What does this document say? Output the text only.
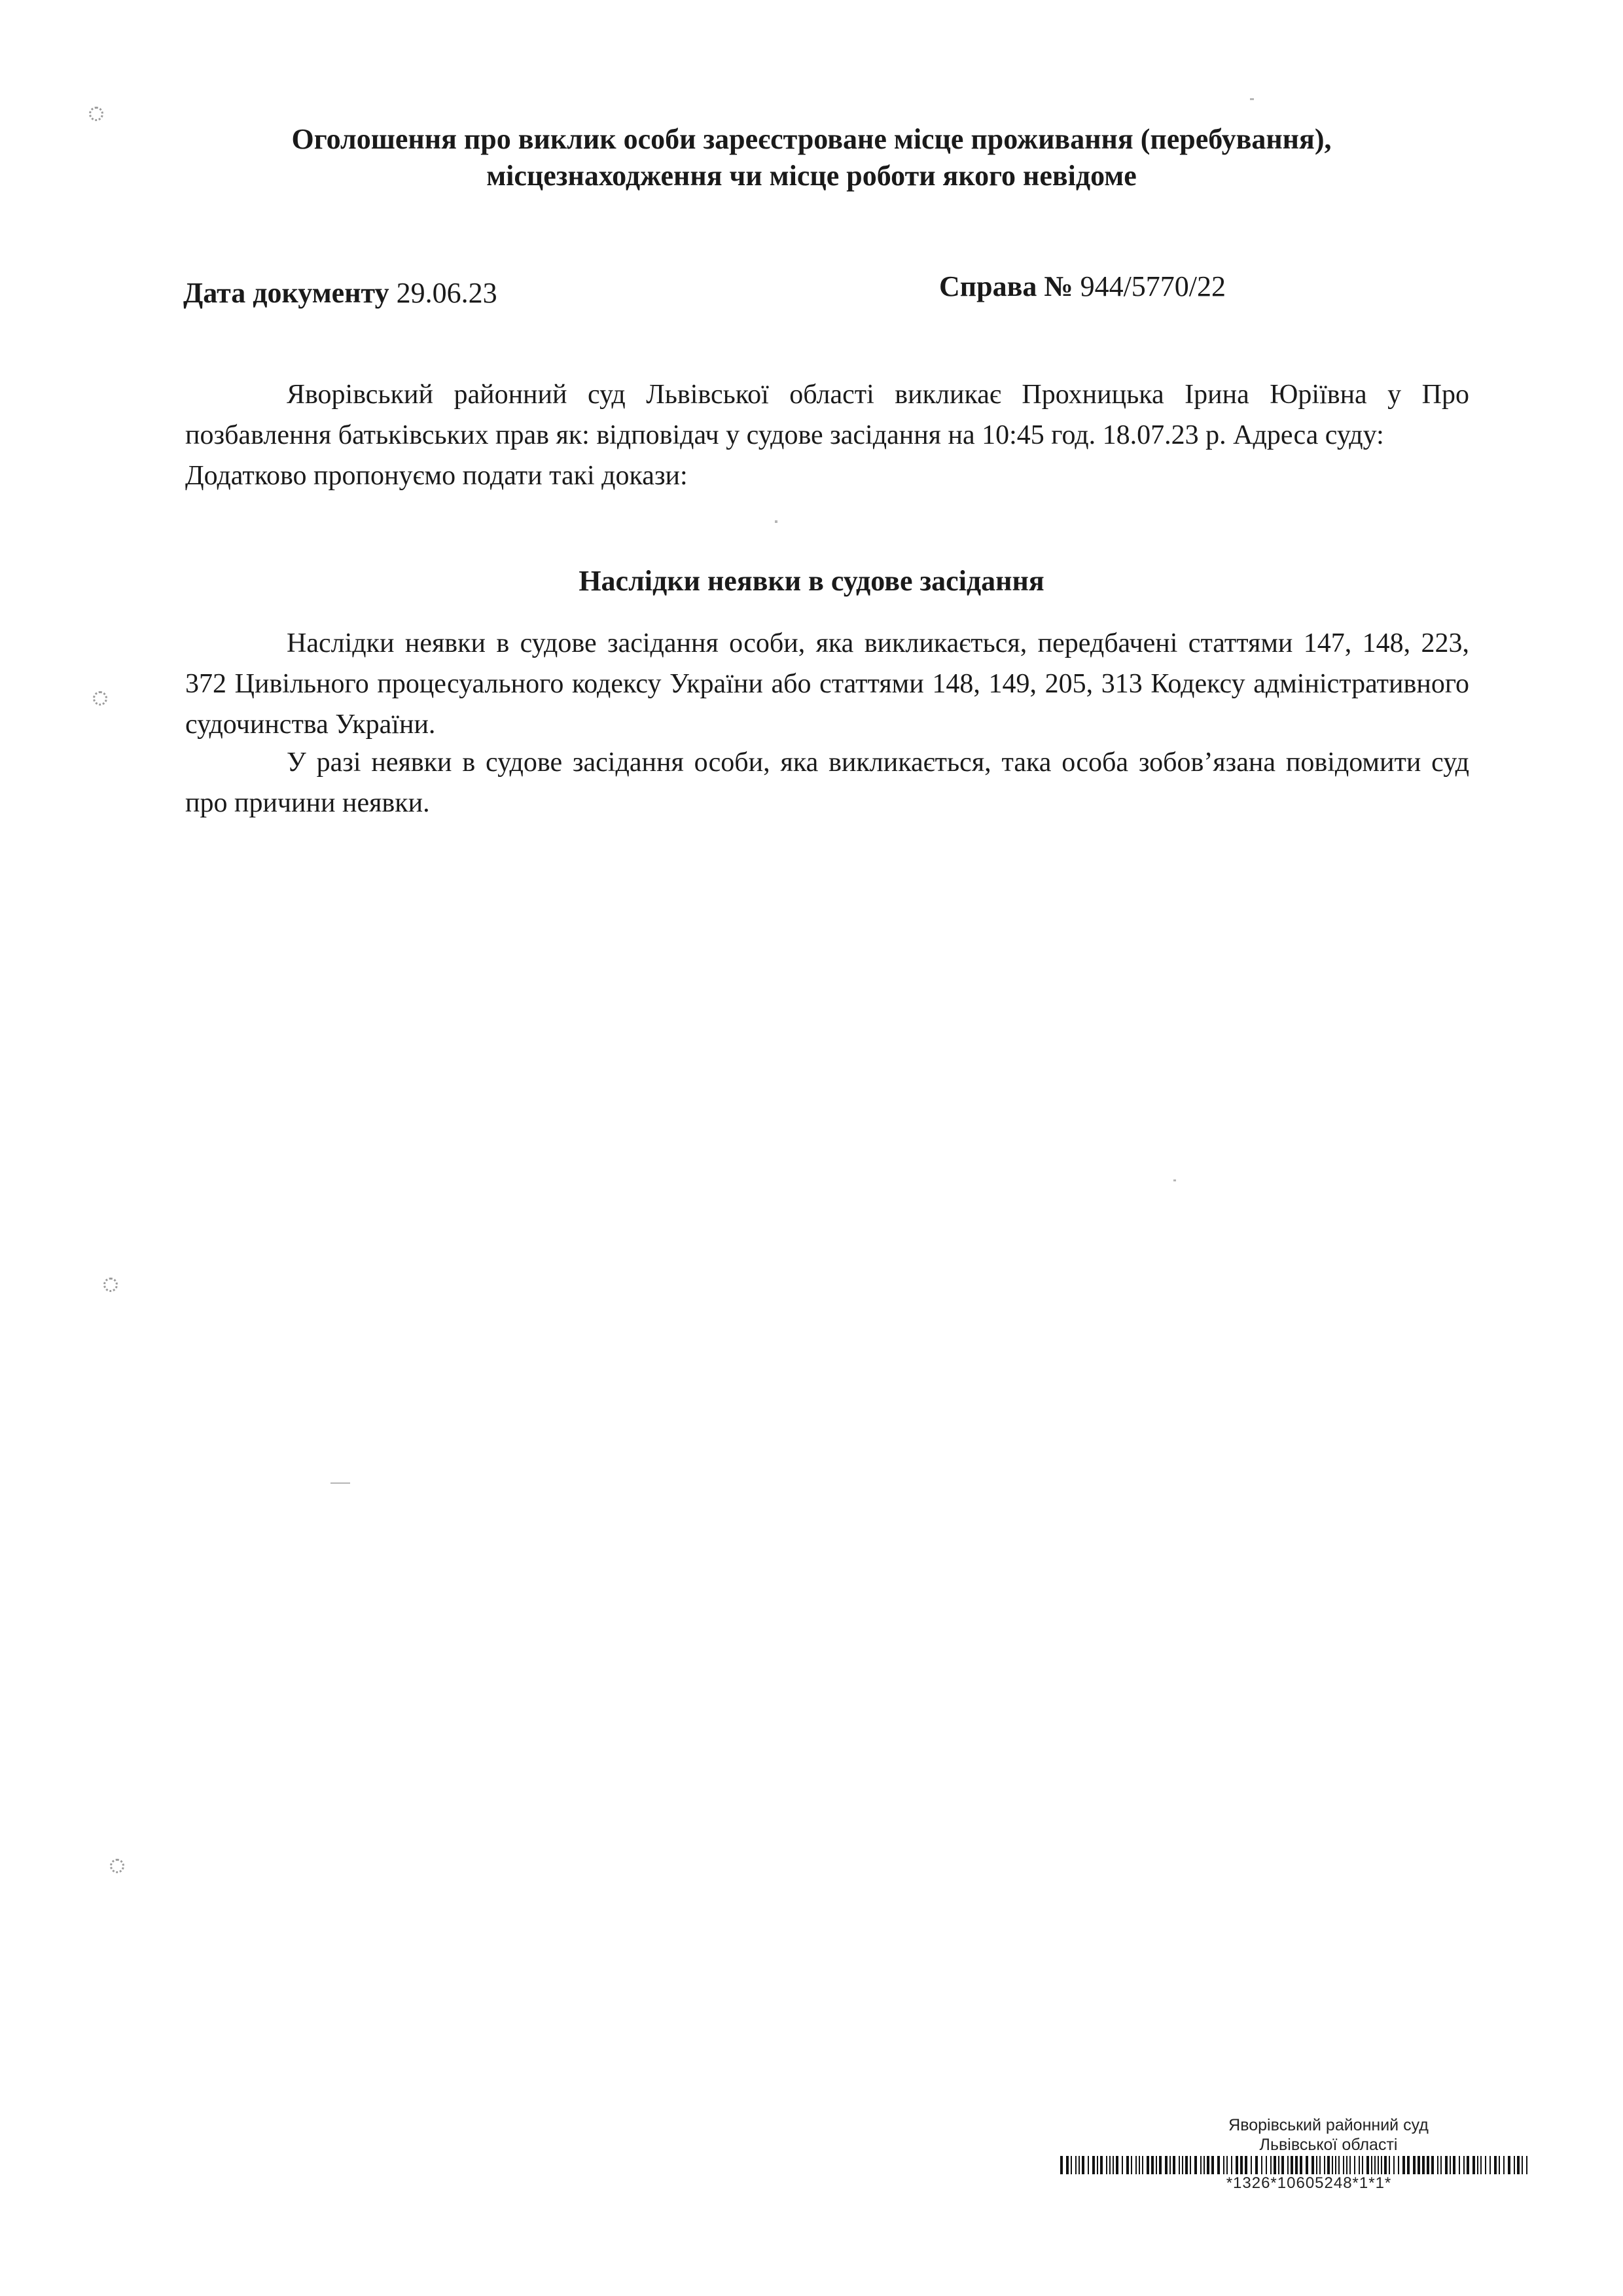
Оголошення про виклик особи зареєстроване місце проживання (перебування),
місцезнаходження чи місце роботи якого невідоме
Дата документу 29.06.23	Справа № 944/5770/22
Яворівський районний суд Львівської області викликає Прохницька Ірина Юріївна у Про позбавлення батьківських прав як: відповідач у судове засідання на 10:45 год. 18.07.23 р. Адреса суду:
Додатково пропонуємо подати такі докази:
Наслідки неявки в судове засідання
Наслідки неявки в судове засідання особи, яка викликається, передбачені статтями 147, 148, 223, 372 Цивільного процесуального кодексу України або статтями 148, 149, 205, 313 Кодексу адміністративного судочинства України.
У разі неявки в судове засідання особи, яка викликається, така особа зобов’язана повідомити суд про причини неявки.
Яворівський районний суд
Львівської області
*1326*10605248*1*1*
